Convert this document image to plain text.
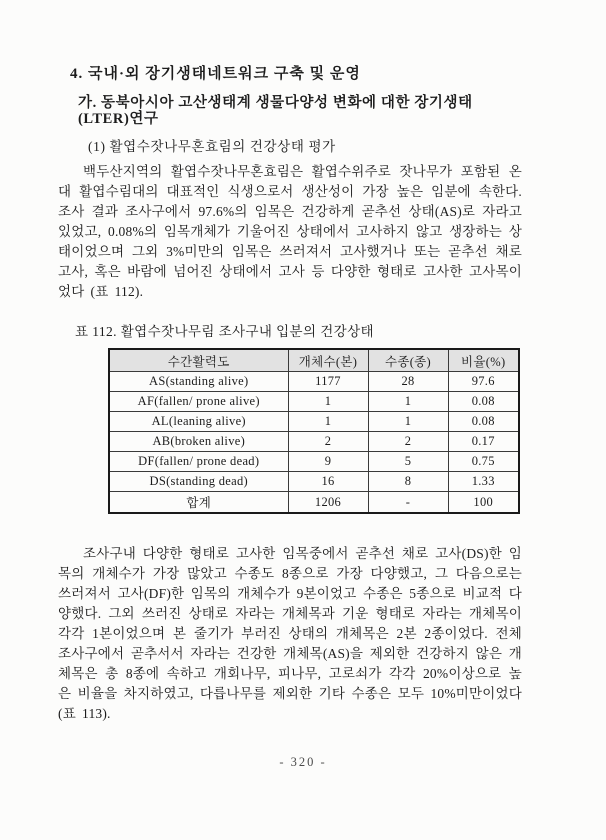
4. 국내·외 장기생태네트워크 구축 및 운영
가. 동북아시아 고산생태계 생물다양성 변화에 대한 장기생태(LTER)연구
(1) 활엽수잣나무혼효림의 건강상태 평가

백두산지역의 활엽수잣나무혼효림은 활엽수위주로 잣나무가 포함된 온대 활엽수림대의 대표적인 식생으로서 생산성이 가장 높은 임분에 속한다. 조사 결과 조사구에서 97.6%의 임목은 건강하게 곧추선 상태(AS)로 자라고 있었고, 0.08%의 임목개체가 기울어진 상태에서 고사하지 않고 생장하는 상태이었으며 그외 3%미만의 임목은 쓰러져서 고사했거나 또는 곧추선 채로 고사, 혹은 바람에 넘어진 상태에서 고사 등 다양한 형태로 고사한 고사목이었다 (표 112).

표 112. 활엽수잣나무림 조사구내 입분의 건강상태
수간활력도	개체수(본)	수종(종)	비율(%)
AS(standing alive)	1177	28	97.6
AF(fallen/ prone alive)	1	1	0.08
AL(leaning alive)	1	1	0.08
AB(broken alive)	2	2	0.17
DF(fallen/ prone dead)	9	5	0.75
DS(standing dead)	16	8	1.33
합계	1206	-	100

조사구내 다양한 형태로 고사한 임목중에서 곧추선 채로 고사(DS)한 임목의 개체수가 가장 많았고 수종도 8종으로 가장 다양했고, 그 다음으로는 쓰러져서 고사(DF)한 임목의 개체수가 9본이었고 수종은 5종으로 비교적 다양했다. 그외 쓰러진 상태로 자라는 개체목과 기운 형태로 자라는 개체목이 각각 1본이었으며 본 줄기가 부러진 상태의 개체목은 2본 2종이었다. 전체 조사구에서 곧추서서 자라는 건강한 개체목(AS)을 제외한 건강하지 않은 개체목은 총 8종에 속하고 개회나무, 피나무, 고로쇠가 각각 20%이상으로 높은 비율을 차지하였고, 다릅나무를 제외한 기타 수종은 모두 10%미만이었다 (표 113).

- 320 -
